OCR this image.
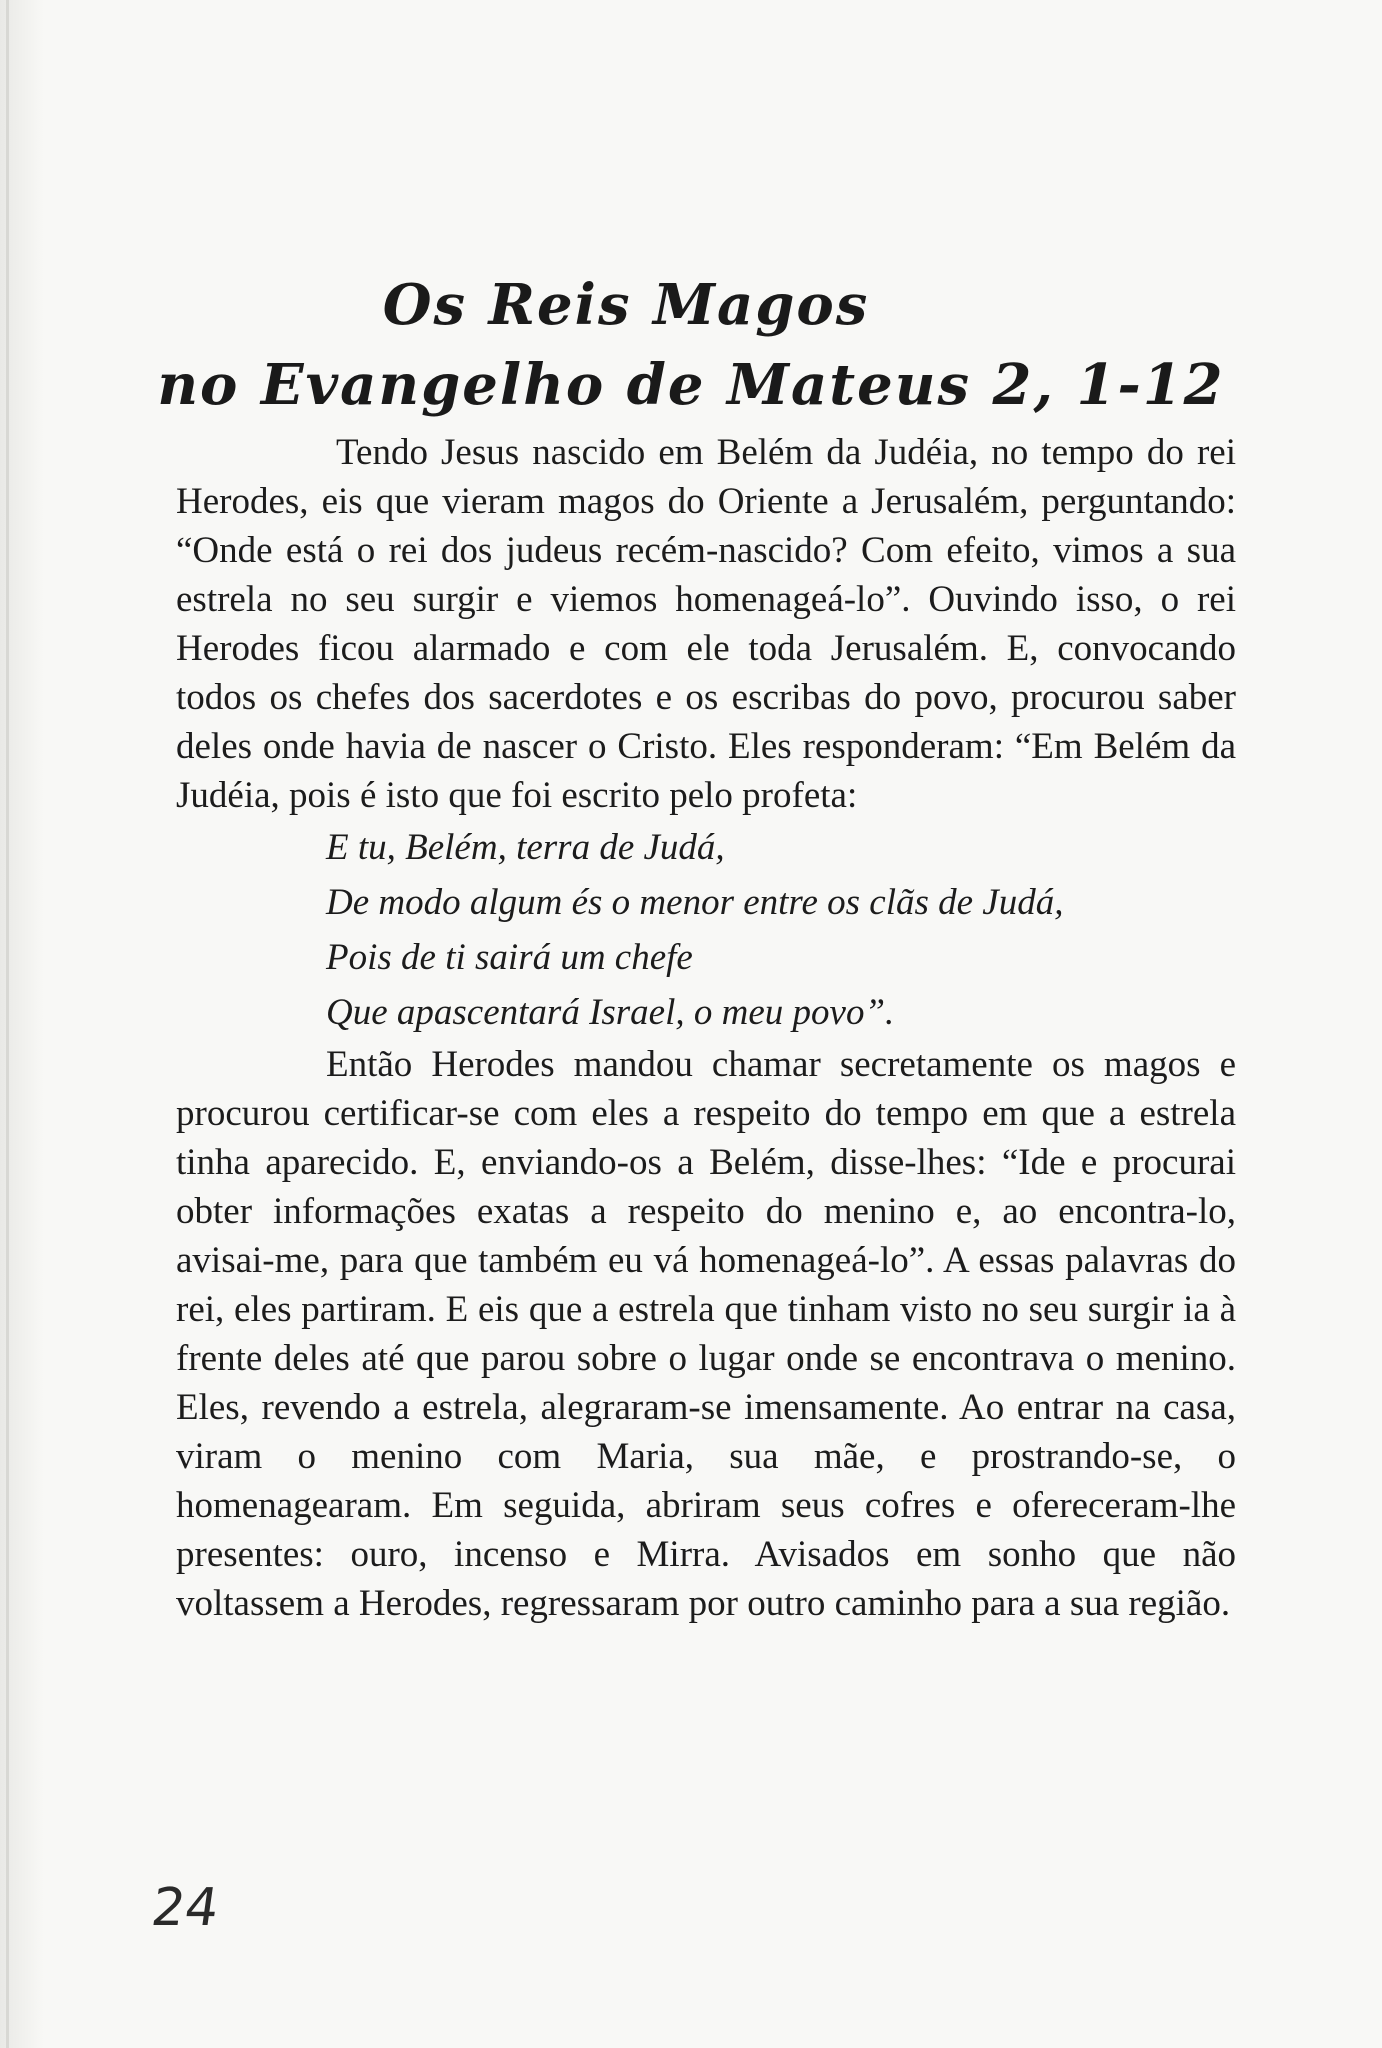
Os Reis Magos
no Evangelho de Mateus 2, 1-12

Tendo Jesus nascido em Belém da Judéia, no tempo do rei Herodes, eis que vieram magos do Oriente a Jerusalém, perguntando: “Onde está o rei dos judeus recém-nascido? Com efeito, vimos a sua estrela no seu surgir e viemos homenageá-lo”. Ouvindo isso, o rei Herodes ficou alarmado e com ele toda Jerusalém. E, convocando todos os chefes dos sacerdotes e os escribas do povo, procurou saber deles onde havia de nascer o Cristo. Eles responderam: “Em Belém da Judéia, pois é isto que foi escrito pelo profeta:

E tu, Belém, terra de Judá,
De modo algum és o menor entre os clãs de Judá,
Pois de ti sairá um chefe
Que apascentará Israel, o meu povo”.

Então Herodes mandou chamar secretamente os magos e procurou certificar-se com eles a respeito do tempo em que a estrela tinha aparecido. E, enviando-os a Belém, disse-lhes: “Ide e procurai obter informações exatas a respeito do menino e, ao encontra-lo, avisai-me, para que também eu vá homenageá-lo”. A essas palavras do rei, eles partiram. E eis que a estrela que tinham visto no seu surgir ia à frente deles até que parou sobre o lugar onde se encontrava o menino. Eles, revendo a estrela, alegraram-se imensamente. Ao entrar na casa, viram o menino com Maria, sua mãe, e prostrando-se, o homenagearam. Em seguida, abriram seus cofres e ofereceram-lhe presentes: ouro, incenso e Mirra. Avisados em sonho que não voltassem a Herodes, regressaram por outro caminho para a sua região.

24
